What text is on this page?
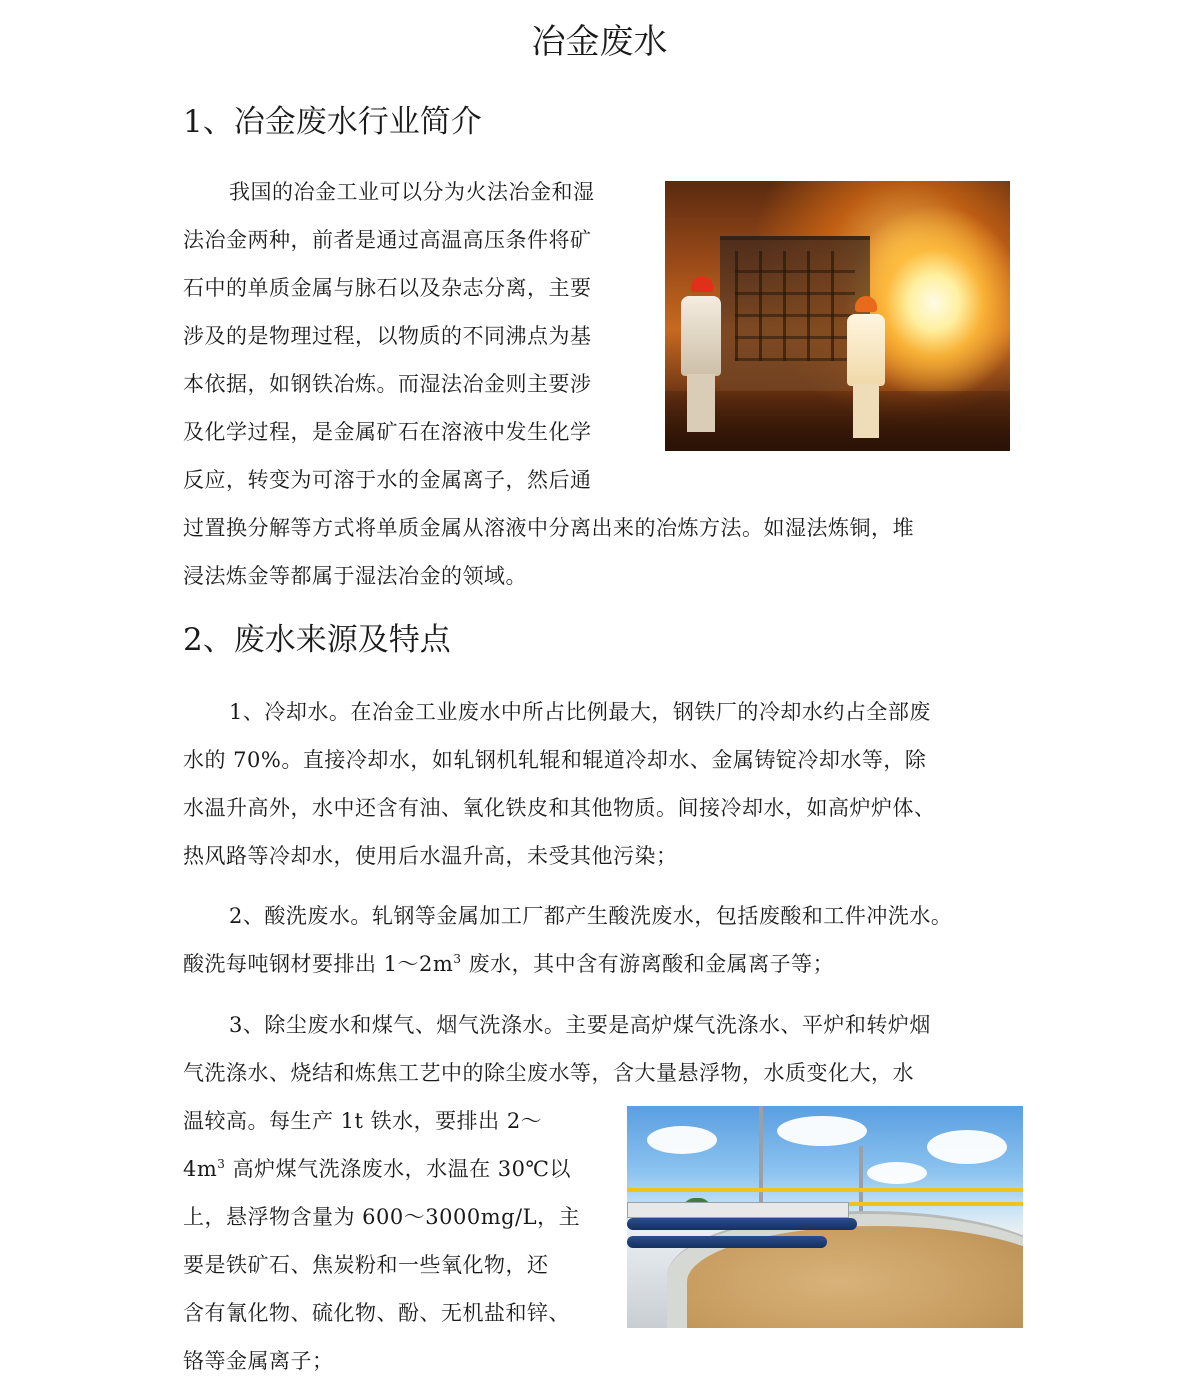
冶金废水
1、冶金废水行业简介
我国的冶金工业可以分为火法冶金和湿
法冶金两种，前者是通过高温高压条件将矿
石中的单质金属与脉石以及杂志分离，主要
涉及的是物理过程，以物质的不同沸点为基
本依据，如钢铁冶炼。而湿法冶金则主要涉
及化学过程，是金属矿石在溶液中发生化学
反应，转变为可溶于水的金属离子，然后通
过置换分解等方式将单质金属从溶液中分离出来的冶炼方法。如湿法炼铜，堆
浸法炼金等都属于湿法冶金的领域。
2、废水来源及特点
1、冷却水。在冶金工业废水中所占比例最大，钢铁厂的冷却水约占全部废
水的 70%。直接冷却水，如轧钢机轧辊和辊道冷却水、金属铸锭冷却水等，除
水温升高外，水中还含有油、氧化铁皮和其他物质。间接冷却水，如高炉炉体、
热风路等冷却水，使用后水温升高，未受其他污染；
2、酸洗废水。轧钢等金属加工厂都产生酸洗废水，包括废酸和工件冲洗水。
酸洗每吨钢材要排出 $1\sim 2m^3$ 废水，其中含有游离酸和金属离子等；
3、除尘废水和煤气、烟气洗涤水。主要是高炉煤气洗涤水、平炉和转炉烟
气洗涤水、烧结和炼焦工艺中的除尘废水等，含大量悬浮物，水质变化大，水
温较高。每生产 1t 铁水，要排出 2～
$4m^3$ 高炉煤气洗涤废水，水温在 30℃以
上，悬浮物含量为 600～3000mg/L，主
要是铁矿石、焦炭粉和一些氧化物，还
含有氰化物、硫化物、酚、无机盐和锌、
铬等金属离子；
